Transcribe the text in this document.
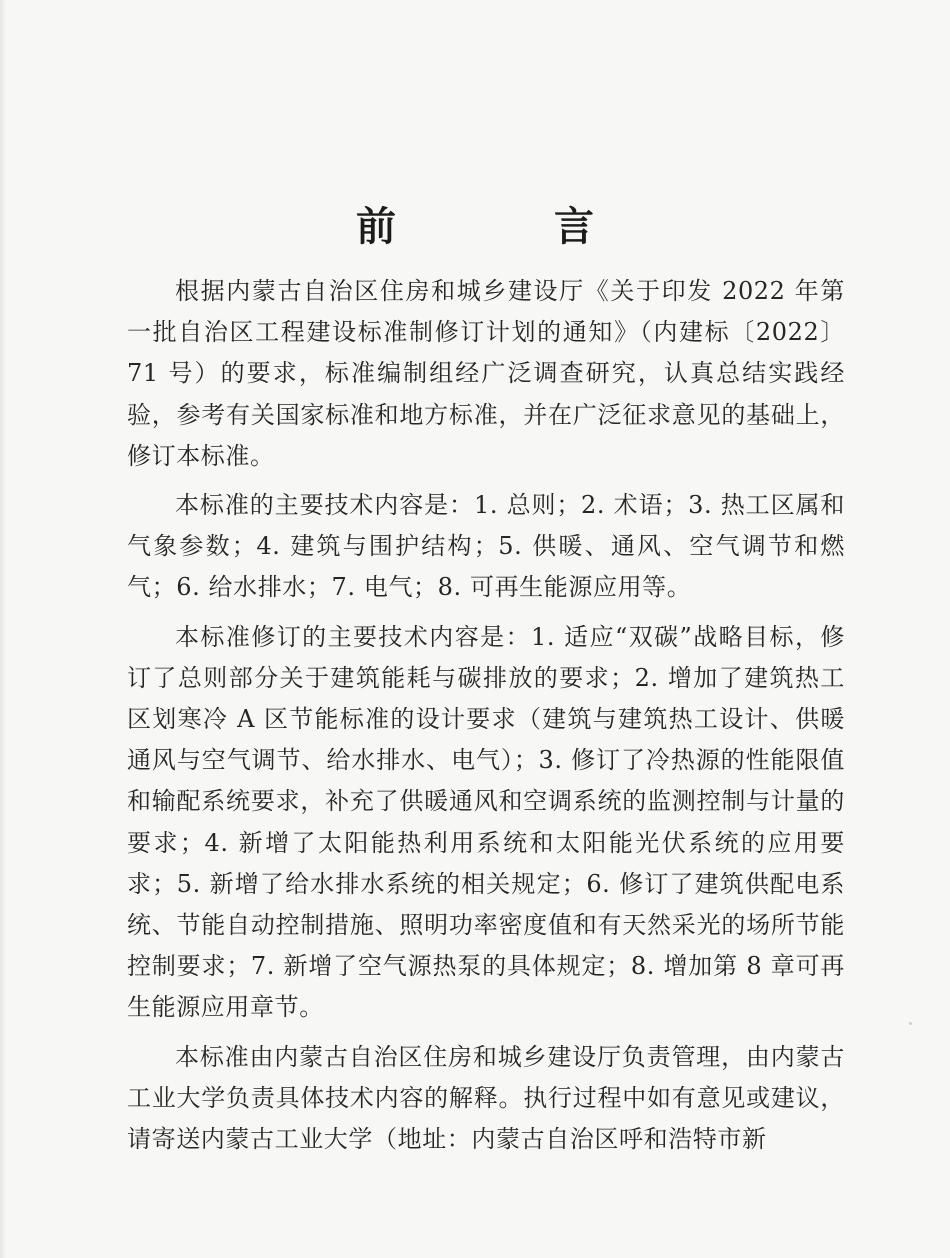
前 言

根据内蒙古自治区住房和城乡建设厅《关于印发 2022 年第一批自治区工程建设标准制修订计划的通知》（内建标〔2022〕71 号）的要求，标准编制组经广泛调查研究，认真总结实践经验，参考有关国家标准和地方标准，并在广泛征求意见的基础上，修订本标准。

本标准的主要技术内容是：1. 总则；2. 术语；3. 热工区属和气象参数；4. 建筑与围护结构；5. 供暖、通风、空气调节和燃气；6. 给水排水；7. 电气；8. 可再生能源应用等。

本标准修订的主要技术内容是：1. 适应“双碳”战略目标，修订了总则部分关于建筑能耗与碳排放的要求；2. 增加了建筑热工区划寒冷 A 区节能标准的设计要求（建筑与建筑热工设计、供暖通风与空气调节、给水排水、电气）；3. 修订了冷热源的性能限值和输配系统要求，补充了供暖通风和空调系统的监测控制与计量的要求；4. 新增了太阳能热利用系统和太阳能光伏系统的应用要求；5. 新增了给水排水系统的相关规定；6. 修订了建筑供配电系统、节能自动控制措施、照明功率密度值和有天然采光的场所节能控制要求；7. 新增了空气源热泵的具体规定；8. 增加第 8 章可再生能源应用章节。

本标准由内蒙古自治区住房和城乡建设厅负责管理，由内蒙古工业大学负责具体技术内容的解释。执行过程中如有意见或建议，请寄送内蒙古工业大学（地址：内蒙古自治区呼和浩特市新
